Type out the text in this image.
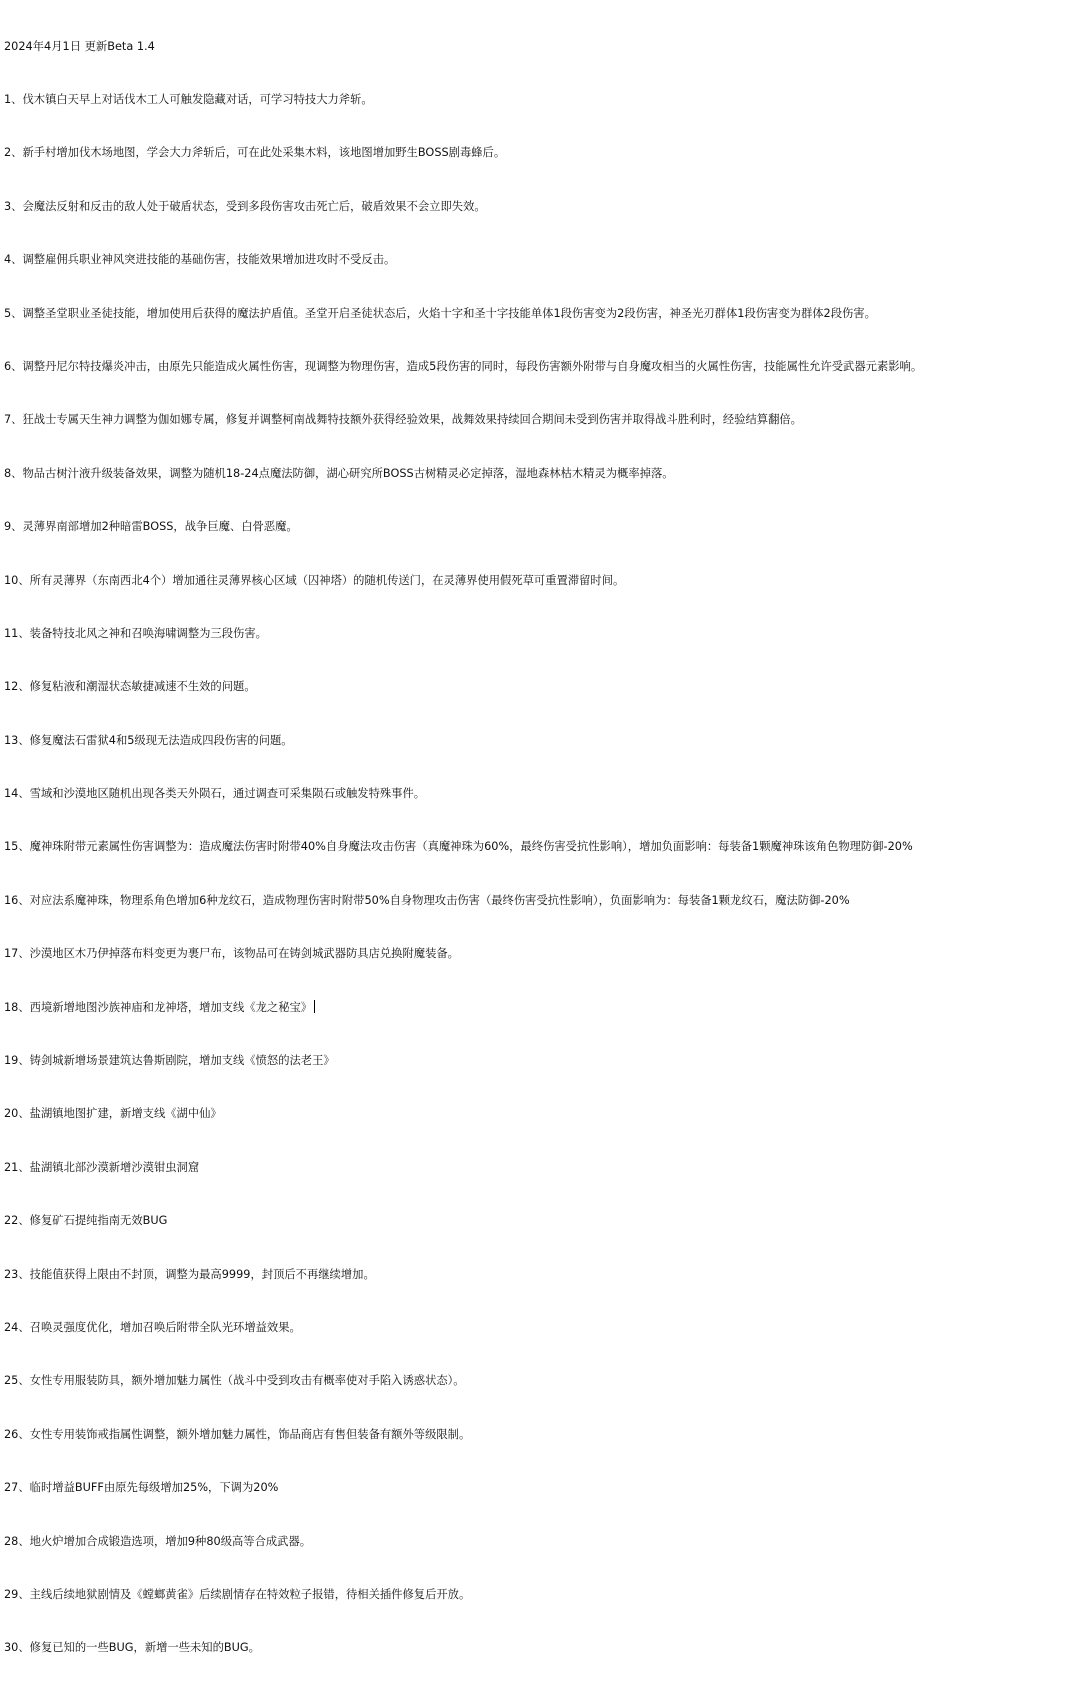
2024年4月1日 更新Beta 1.4

1、伐木镇白天早上对话伐木工人可触发隐藏对话，可学习特技大力斧斩。

2、新手村增加伐木场地图，学会大力斧斩后，可在此处采集木料，该地图增加野生BOSS剧毒蜂后。

3、会魔法反射和反击的敌人处于破盾状态，受到多段伤害攻击死亡后，破盾效果不会立即失效。

4、调整雇佣兵职业神风突进技能的基础伤害，技能效果增加进攻时不受反击。

5、调整圣堂职业圣徒技能，增加使用后获得的魔法护盾值。圣堂开启圣徒状态后，火焰十字和圣十字技能单体1段伤害变为2段伤害，神圣光刃群体1段伤害变为群体2段伤害。

6、调整丹尼尔特技爆炎冲击，由原先只能造成火属性伤害，现调整为物理伤害，造成5段伤害的同时，每段伤害额外附带与自身魔攻相当的火属性伤害，技能属性允许受武器元素影响。

7、狂战士专属天生神力调整为伽如娜专属，修复并调整柯南战舞特技额外获得经验效果，战舞效果持续回合期间未受到伤害并取得战斗胜利时，经验结算翻倍。

8、物品古树汁液升级装备效果，调整为随机18-24点魔法防御，湖心研究所BOSS古树精灵必定掉落，湿地森林枯木精灵为概率掉落。

9、灵薄界南部增加2种暗雷BOSS，战争巨魔、白骨恶魔。

10、所有灵薄界（东南西北4个）增加通往灵薄界核心区域（囚神塔）的随机传送门，在灵薄界使用假死草可重置滞留时间。

11、装备特技北风之神和召唤海啸调整为三段伤害。

12、修复粘液和潮湿状态敏捷减速不生效的问题。

13、修复魔法石雷狱4和5级现无法造成四段伤害的问题。

14、雪域和沙漠地区随机出现各类天外陨石，通过调查可采集陨石或触发特殊事件。

15、魔神珠附带元素属性伤害调整为：造成魔法伤害时附带40%自身魔法攻击伤害（真魔神珠为60%，最终伤害受抗性影响），增加负面影响：每装备1颗魔神珠该角色物理防御-20%

16、对应法系魔神珠，物理系角色增加6种龙纹石，造成物理伤害时附带50%自身物理攻击伤害（最终伤害受抗性影响），负面影响为：每装备1颗龙纹石，魔法防御-20%

17、沙漠地区木乃伊掉落布料变更为裹尸布，该物品可在铸剑城武器防具店兑换附魔装备。

18、西境新增地图沙族神庙和龙神塔，增加支线《龙之秘宝》

19、铸剑城新增场景建筑达鲁斯剧院，增加支线《愤怒的法老王》

20、盐湖镇地图扩建，新增支线《湖中仙》

21、盐湖镇北部沙漠新增沙漠钳虫洞窟

22、修复矿石提纯指南无效BUG

23、技能值获得上限由不封顶，调整为最高9999，封顶后不再继续增加。

24、召唤灵强度优化，增加召唤后附带全队光环增益效果。

25、女性专用服装防具，额外增加魅力属性（战斗中受到攻击有概率使对手陷入诱惑状态）。

26、女性专用装饰戒指属性调整，额外增加魅力属性，饰品商店有售但装备有额外等级限制。

27、临时增益BUFF由原先每级增加25%，下调为20%

28、地火炉增加合成锻造选项，增加9种80级高等合成武器。

29、主线后续地狱剧情及《螳螂黄雀》后续剧情存在特效粒子报错，待相关插件修复后开放。

30、修复已知的一些BUG，新增一些未知的BUG。
